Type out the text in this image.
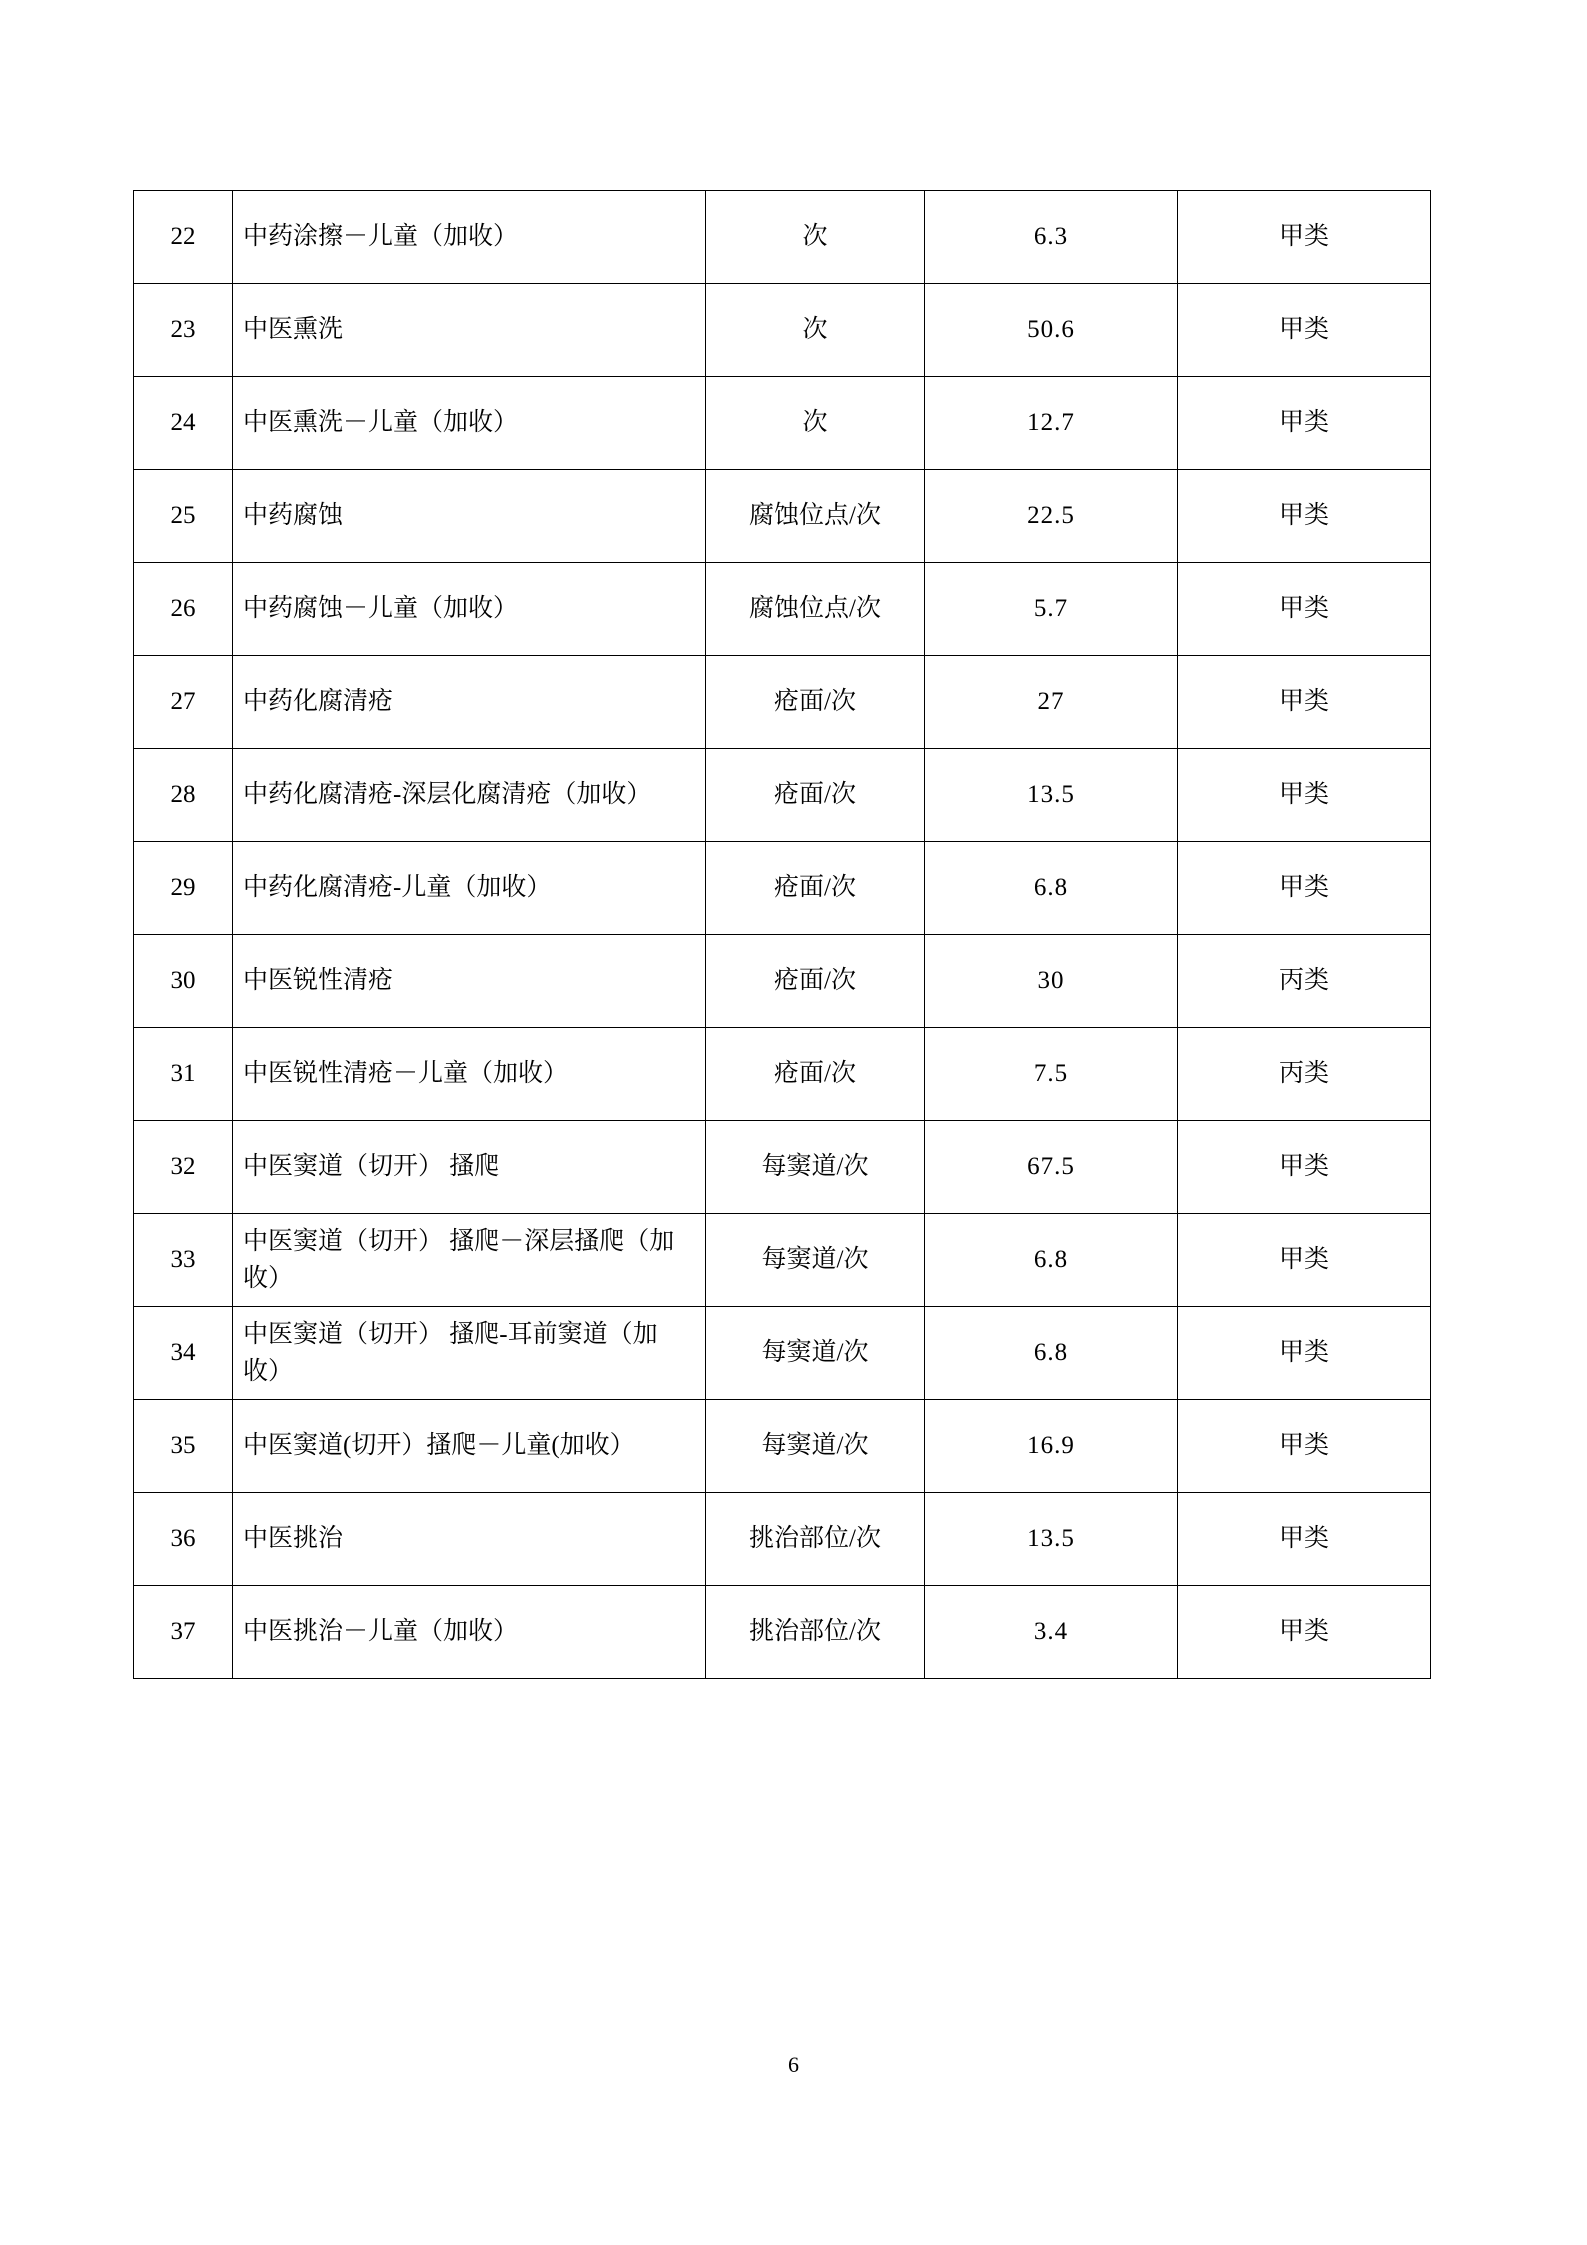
22	中药涂擦－儿童（加收）	次	6.3	甲类
23	中医熏洗	次	50.6	甲类
24	中医熏洗－儿童（加收）	次	12.7	甲类
25	中药腐蚀	腐蚀位点/次	22.5	甲类
26	中药腐蚀－儿童（加收）	腐蚀位点/次	5.7	甲类
27	中药化腐清疮	疮面/次	27	甲类
28	中药化腐清疮-深层化腐清疮（加收）	疮面/次	13.5	甲类
29	中药化腐清疮-儿童（加收）	疮面/次	6.8	甲类
30	中医锐性清疮	疮面/次	30	丙类
31	中医锐性清疮－儿童（加收）	疮面/次	7.5	丙类
32	中医窦道（切开） 搔爬	每窦道/次	67.5	甲类
33	中医窦道（切开） 搔爬－深层搔爬（加收）	每窦道/次	6.8	甲类
34	中医窦道（切开） 搔爬-耳前窦道（加收）	每窦道/次	6.8	甲类
35	中医窦道(切开）搔爬－儿童(加收）	每窦道/次	16.9	甲类
36	中医挑治	挑治部位/次	13.5	甲类
37	中医挑治－儿童（加收）	挑治部位/次	3.4	甲类
6
